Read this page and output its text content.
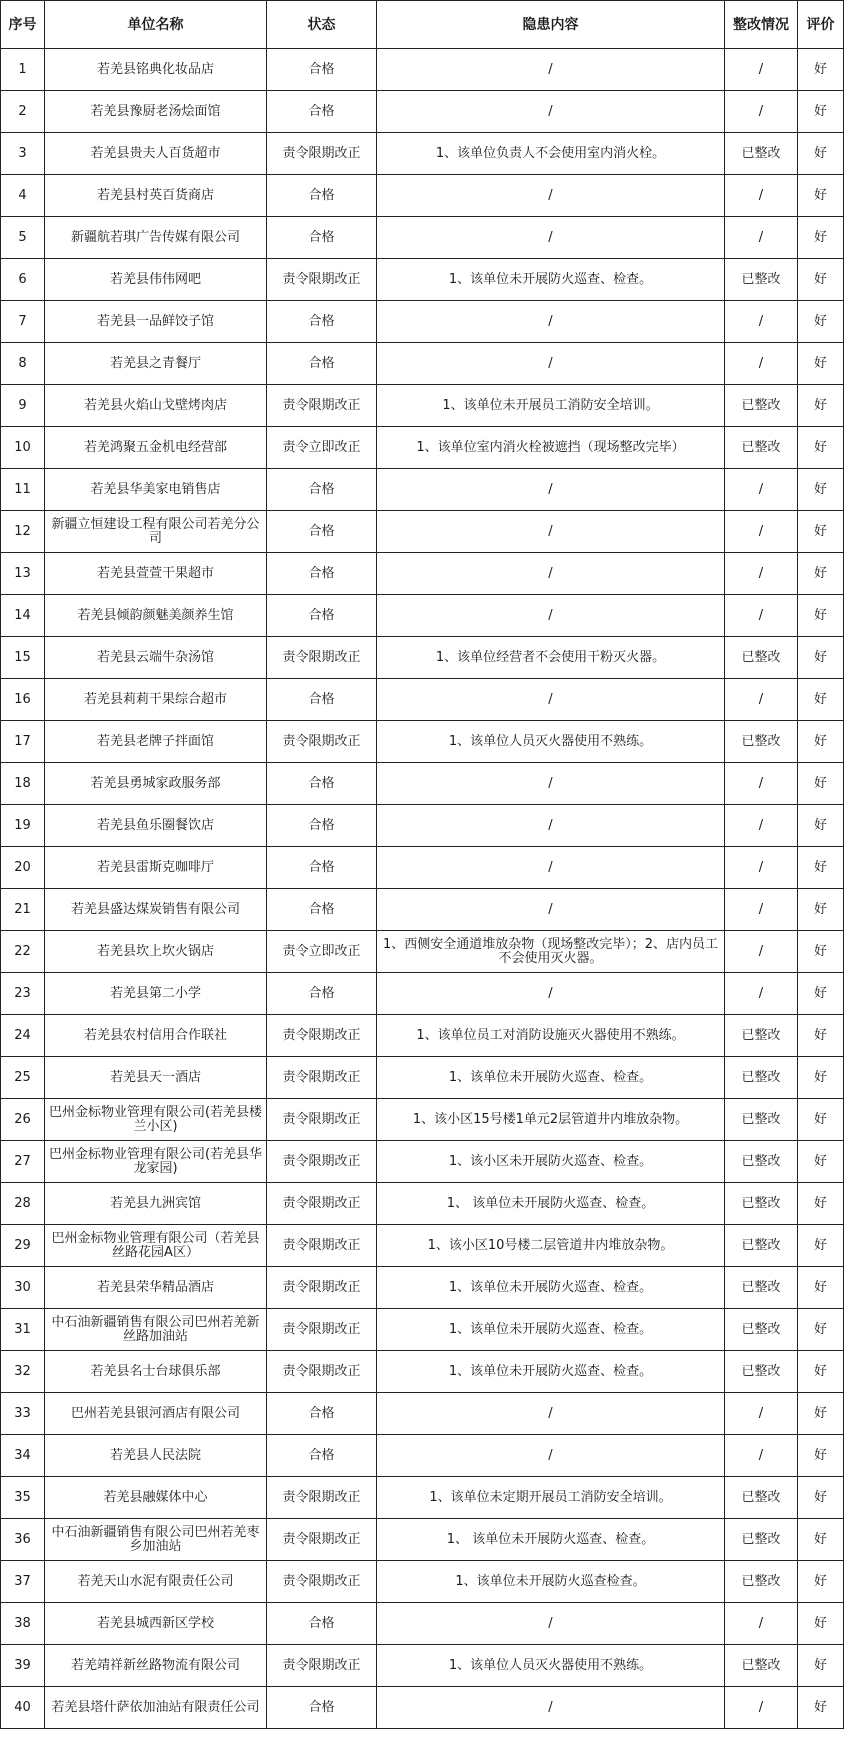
序号	单位名称	状态	隐患内容	整改情况	评价
1	若羌县铭典化妆品店	合格	/	/	好
2	若羌县豫厨老汤烩面馆	合格	/	/	好
3	若羌县贵夫人百货超市	责令限期改正	1、该单位负责人不会使用室内消火栓。	已整改	好
4	若羌县村英百货商店	合格	/	/	好
5	新疆航若琪广告传媒有限公司	合格	/	/	好
6	若羌县伟伟网吧	责令限期改正	1、该单位未开展防火巡查、检查。	已整改	好
7	若羌县一品鲜饺子馆	合格	/	/	好
8	若羌县之青餐厅	合格	/	/	好
9	若羌县火焰山戈壁烤肉店	责令限期改正	1、该单位未开展员工消防安全培训。	已整改	好
10	若羌鸿聚五金机电经营部	责令立即改正	1、该单位室内消火栓被遮挡（现场整改完毕）	已整改	好
11	若羌县华美家电销售店	合格	/	/	好
12	新疆立恒建设工程有限公司若羌分公司	合格	/	/	好
13	若羌县萱萱干果超市	合格	/	/	好
14	若羌县倾韵颜魅美颜养生馆	合格	/	/	好
15	若羌县云端牛杂汤馆	责令限期改正	1、该单位经营者不会使用干粉灭火器。	已整改	好
16	若羌县莉莉干果综合超市	合格	/	/	好
17	若羌县老牌子拌面馆	责令限期改正	1、该单位人员灭火器使用不熟练。	已整改	好
18	若羌县勇城家政服务部	合格	/	/	好
19	若羌县鱼乐圈餐饮店	合格	/	/	好
20	若羌县雷斯克咖啡厅	合格	/	/	好
21	若羌县盛达煤炭销售有限公司	合格	/	/	好
22	若羌县坎上坎火锅店	责令立即改正	1、西侧安全通道堆放杂物（现场整改完毕）；2、店内员工不会使用灭火器。	/	好
23	若羌县第二小学	合格	/	/	好
24	若羌县农村信用合作联社	责令限期改正	1、该单位员工对消防设施灭火器使用不熟练。	已整改	好
25	若羌县天一酒店	责令限期改正	1、该单位未开展防火巡查、检查。	已整改	好
26	巴州金标物业管理有限公司(若羌县楼兰小区)	责令限期改正	1、该小区15号楼1单元2层管道井内堆放杂物。	已整改	好
27	巴州金标物业管理有限公司(若羌县华龙家园)	责令限期改正	1、该小区未开展防火巡查、检查。	已整改	好
28	若羌县九洲宾馆	责令限期改正	1、 该单位未开展防火巡查、检查。	已整改	好
29	巴州金标物业管理有限公司（若羌县丝路花园A区）	责令限期改正	1、该小区10号楼二层管道井内堆放杂物。	已整改	好
30	若羌县荣华精品酒店	责令限期改正	1、该单位未开展防火巡查、检查。	已整改	好
31	中石油新疆销售有限公司巴州若羌新丝路加油站	责令限期改正	1、该单位未开展防火巡查、检查。	已整改	好
32	若羌县名士台球俱乐部	责令限期改正	1、该单位未开展防火巡查、检查。	已整改	好
33	巴州若羌县银河酒店有限公司	合格	/	/	好
34	若羌县人民法院	合格	/	/	好
35	若羌县融媒体中心	责令限期改正	1、该单位未定期开展员工消防安全培训。	已整改	好
36	中石油新疆销售有限公司巴州若羌枣乡加油站	责令限期改正	1、 该单位未开展防火巡查、检查。	已整改	好
37	若羌天山水泥有限责任公司	责令限期改正	1、该单位未开展防火巡查检查。	已整改	好
38	若羌县城西新区学校	合格	/	/	好
39	若羌靖祥新丝路物流有限公司	责令限期改正	1、该单位人员灭火器使用不熟练。	已整改	好
40	若羌县塔什萨依加油站有限责任公司	合格	/	/	好
